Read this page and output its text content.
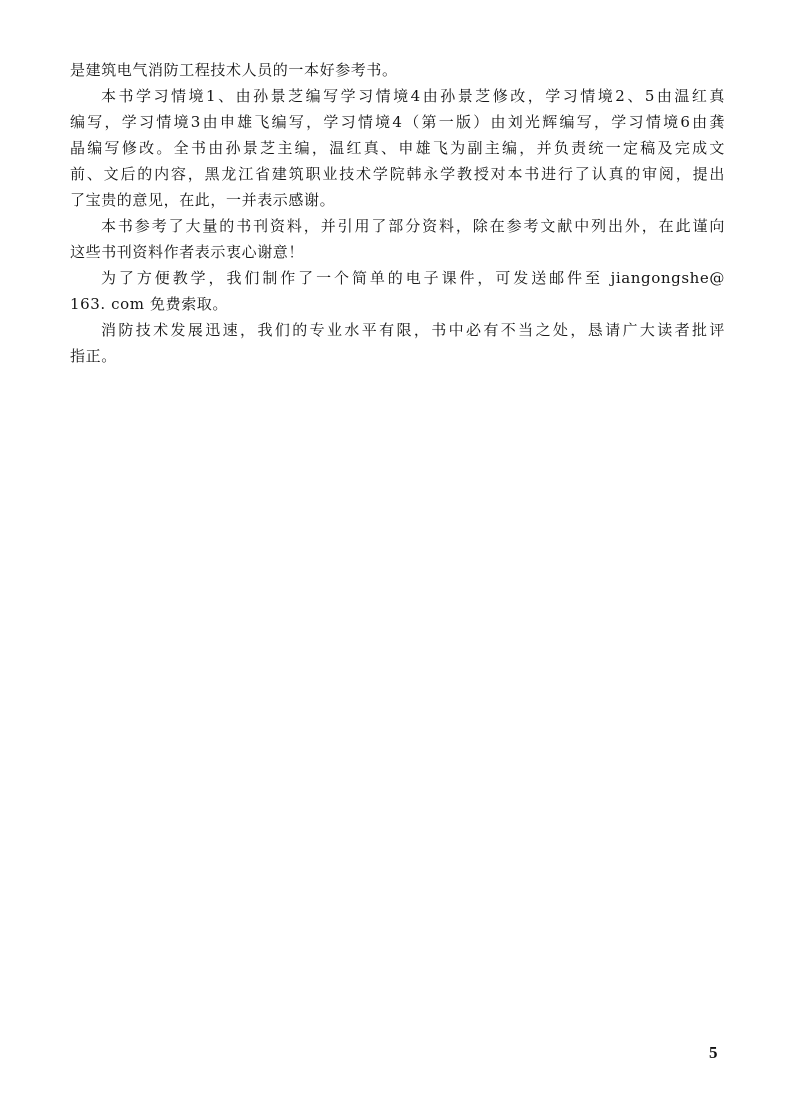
是建筑电气消防工程技术人员的一本好参考书。
本书学习情境1、由孙景芝编写学习情境4由孙景芝修改，学习情境2、5由温红真
编写，学习情境3由申雄飞编写，学习情境4（第一版）由刘光辉编写，学习情境6由龚
晶编写修改。全书由孙景芝主编，温红真、申雄飞为副主编，并负责统一定稿及完成文
前、文后的内容，黑龙江省建筑职业技术学院韩永学教授对本书进行了认真的审阅，提出
了宝贵的意见，在此，一并表示感谢。
本书参考了大量的书刊资料，并引用了部分资料，除在参考文献中列出外，在此谨向
这些书刊资料作者表示衷心谢意！
为了方便教学，我们制作了一个简单的电子课件，可发送邮件至 jiangongshe@
163. com 免费索取。
消防技术发展迅速，我们的专业水平有限，书中必有不当之处，恳请广大读者批评
指正。
5
